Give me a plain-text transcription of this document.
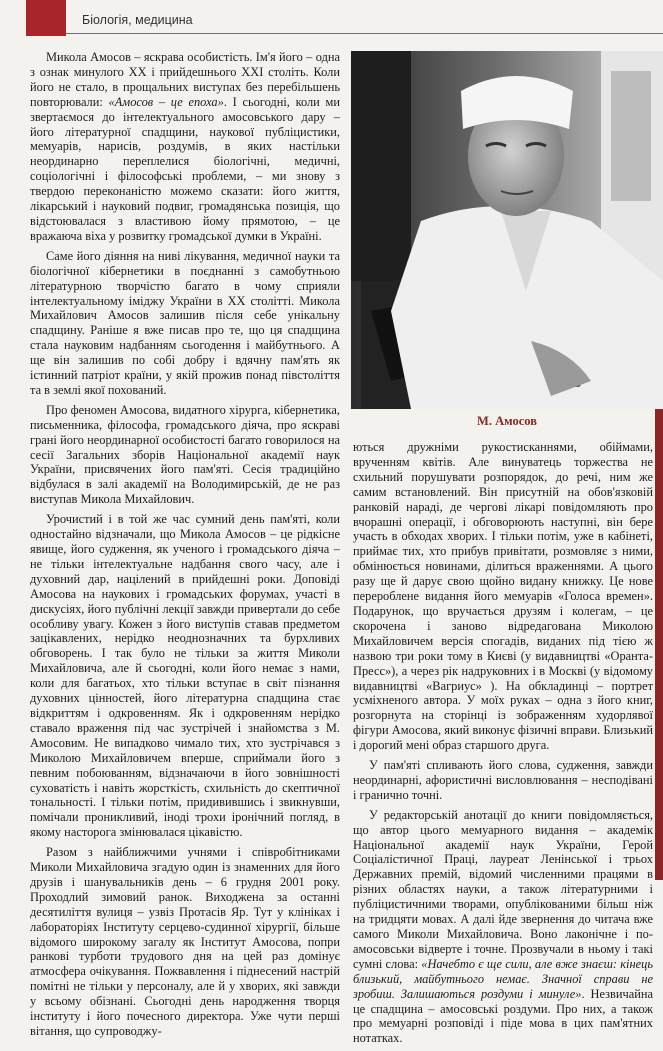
Біологія, медицина

Микола Амосов – яскрава особистість. Ім'я його – одна з ознак минулого XX і прийдешнього XXI століть. Коли його не стало, в прощальних виступах без перебільшень повторювали: «Амосов – це епоха». І сьогодні, коли ми звертаємося до інтелектуального амосовського дару – його літературної спадщини, наукової публіцистики, мемуарів, нарисів, роздумів, в яких настільки неординарно переплелися біологічні, медичні, соціологічні і філософські проблеми, – ми знову з твердою переконаністю можемо сказати: його життя, лікарський і науковий подвиг, громадянська позиція, що відстоювалася з властивою йому прямотою, – це вражаюча віха у розвитку громадської думки в Україні.

Саме його діяння на ниві лікування, медичної науки та біологічної кібернетики в поєднанні з самобутньою літературною творчістю багато в чому сприяли інтелектуальному іміджу України в XX столітті. Микола Михайлович Амосов залишив після себе унікальну спадщину. Раніше я вже писав про те, що ця спадщина стала науковим надбанням сьогодення і майбутнього. А ще він залишив по собі добру і вдячну пам'ять як істинний патріот країни, у якій прожив понад півстоліття та в землі якої похований.

Про феномен Амосова, видатного хірурга, кібернетика, письменника, філософа, громадського діяча, про яскраві грані його неординарної особистості багато говорилося на сесії Загальних зборів Національної академії наук України, присвячених його пам'яті. Сесія традиційно відбулася в залі академії на Володимирській, де не раз виступав Микола Михайлович.

Урочистий і в той же час сумний день пам'яті, коли одностайно відзначали, що Микола Амосов – це рідкісне явище, його судження, як ученого і громадського діяча – не тільки інтелектуальне надбання свого часу, але і духовний дар, націлений в прийдешні роки. Доповіді Амосова на наукових і громадських форумах, участі в дискусіях, його публічні лекції завжди привертали до себе особливу увагу. Кожен з його виступів ставав предметом зацікавлених, нерідко неоднозначних та бурхливих обговорень. І так було не тільки за життя Миколи Михайловича, але й сьогодні, коли його немає з нами, коли для багатьох, хто тільки вступає в світ пізнання духовних цінностей, його літературна спадщина стає відкриттям і одкровенням. Як і одкровенням нерідко ставало враження під час зустрічей і знайомства з М. Амосовим. Не випадково чимало тих, хто зустрічався з Миколою Михайловичем вперше, сприймали його з певним побоюванням, відзначаючи в його зовнішності суховатість і навіть жорсткість, схильність до скептичної тональності. І тільки потім, придивившись і звикнувши, помічали проникливий, іноді трохи іронічний погляд, в якому насторога змінювалася цікавістю.

Разом з найближчими учнями і співробітниками Миколи Михайловича згадую один із знаменних для його друзів і шанувальників день – 6 грудня 2001 року. Проходлий зимовий ранок. Виходжена за останні десятиліття вулиця – узвіз Протасів Яр. Тут у клініках і лабораторіях Інституту серцево-судинної хірургії, більше відомого широкому загалу як Інститут Амосова, попри ранкові турботи трудового дня на цей раз домінує атмосфера очікування. Пожвавлення і піднесений настрій помітні не тільки у персоналу, але й у хворих, які завжди у всьому обізнані. Сьогодні день народження творця інституту і його почесного директора. Уже чути перші вітання, що супроводжу-

М. Амосов

ються дружніми рукостисканнями, обіймами, врученням квітів. Але винуватець торжества не схильний порушувати розпорядок, до речі, ним же самим встановлений. Він присутній на обов'язковій ранковій нараді, де чергові лікарі повідомляють про вчорашні операції, і обговорюють наступні, він бере участь в обходах хворих. І тільки потім, уже в кабінеті, приймає тих, хто прибув привітати, розмовляє з ними, обмінюється новинами, ділиться враженнями. А цього разу ще й дарує свою щойно видану книжку. Це нове перероблене видання його мемуарів «Голоса времен». Подарунок, що вручається друзям і колегам, – це скорочена і заново відредагована Миколою Михайловичем версія спогадів, виданих під тією ж назвою три роки тому в Києві (у видавництві «Оранта-Пресс»), а через рік надруковних і в Москві (у відомому видавництві «Вагриус» ). На обкладинці – портрет усміхненого автора. У моїх руках – одна з його книг, розгорнута на сторінці із зображенням худорлявої фігури Амосова, який виконує фізичні вправи. Близький і дорогий мені образ старшого друга.

У пам'яті спливають його слова, судження, завжди неординарні, афористичні висловлювання – несподівані і гранично точні.

У редакторській анотації до книги повідомляється, що автор цього мемуарного видання – академік Національної академії наук України, Герой Соціалістичної Праці, лауреат Ленінської і трьох Державних премій, відомий численними працями в різних областях науки, а також літературними і публіцистичними творами, опублікованими більш ніж на тридцяти мовах. А далі йде звернення до читача вже самого Миколи Михайловича. Воно лаконічне і по-амосовськи відверте і точне. Прозвучали в ньому і такі сумні слова: «Начебто є ще сили, але вже знаєш: кінець близький, майбутнього немає. Значної справи не зробиш. Залишаються роздуми і минуле». Незвичайна це спадщина – амосовські роздуми. Про них, а також про мемуарні розповіді і піде мова в цих пам'ятних нотатках.
